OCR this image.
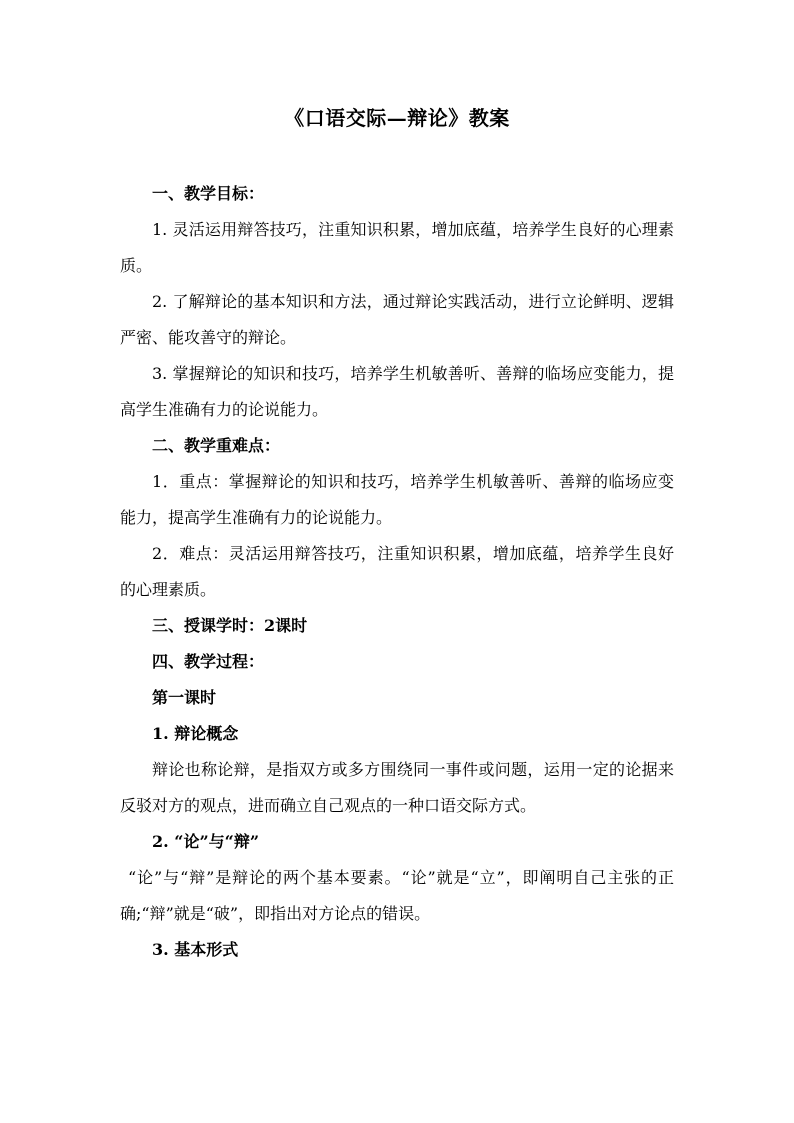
《口语交际—辩论》教案

一、教学目标：

1. 灵活运用辩答技巧，注重知识积累，增加底蕴，培养学生良好的心理素质。

2. 了解辩论的基本知识和方法，通过辩论实践活动，进行立论鲜明、逻辑严密、能攻善守的辩论。

3. 掌握辩论的知识和技巧，培养学生机敏善听、善辩的临场应变能力，提高学生准确有力的论说能力。

二、教学重难点：

1．重点：掌握辩论的知识和技巧，培养学生机敏善听、善辩的临场应变能力，提高学生准确有力的论说能力。

2．难点：灵活运用辩答技巧，注重知识积累，增加底蕴，培养学生良好的心理素质。

三、授课学时：2课时

四、教学过程：

第一课时

1. 辩论概念

辩论也称论辩，是指双方或多方围绕同一事件或问题，运用一定的论据来反驳对方的观点，进而确立自己观点的一种口语交际方式。

2. “论”与“辩”

“论”与“辩”是辩论的两个基本要素。“论”就是“立”，即阐明自己主张的正确;“辩”就是“破”，即指出对方论点的错误。

3. 基本形式
